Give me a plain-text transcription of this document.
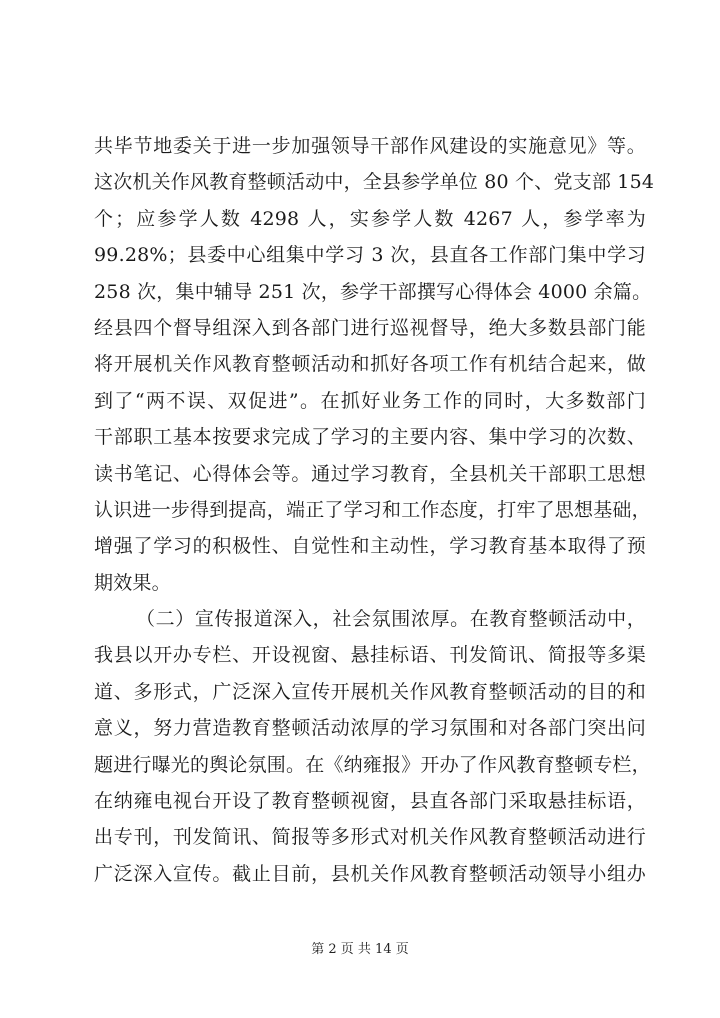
共毕节地委关于进一步加强领导干部作风建设的实施意见》等。
这次机关作风教育整顿活动中，全县参学单位 80 个、党支部 154
个；应参学人数 4298 人，实参学人数 4267 人，参学率为
99.28%；县委中心组集中学习 3 次，县直各工作部门集中学习
258 次，集中辅导 251 次，参学干部撰写心得体会 4000 余篇。
经县四个督导组深入到各部门进行巡视督导，绝大多数县部门能
将开展机关作风教育整顿活动和抓好各项工作有机结合起来，做
到了“两不误、双促进”。在抓好业务工作的同时，大多数部门
干部职工基本按要求完成了学习的主要内容、集中学习的次数、
读书笔记、心得体会等。通过学习教育，全县机关干部职工思想
认识进一步得到提高，端正了学习和工作态度，打牢了思想基础，
增强了学习的积极性、自觉性和主动性，学习教育基本取得了预
期效果。
（二）宣传报道深入，社会氛围浓厚。在教育整顿活动中，
我县以开办专栏、开设视窗、悬挂标语、刊发简讯、简报等多渠
道、多形式，广泛深入宣传开展机关作风教育整顿活动的目的和
意义，努力营造教育整顿活动浓厚的学习氛围和对各部门突出问
题进行曝光的舆论氛围。在《纳雍报》开办了作风教育整顿专栏，
在纳雍电视台开设了教育整顿视窗，县直各部门采取悬挂标语，
出专刊，刊发简讯、简报等多形式对机关作风教育整顿活动进行
广泛深入宣传。截止目前，县机关作风教育整顿活动领导小组办
第 2 页 共 14 页
